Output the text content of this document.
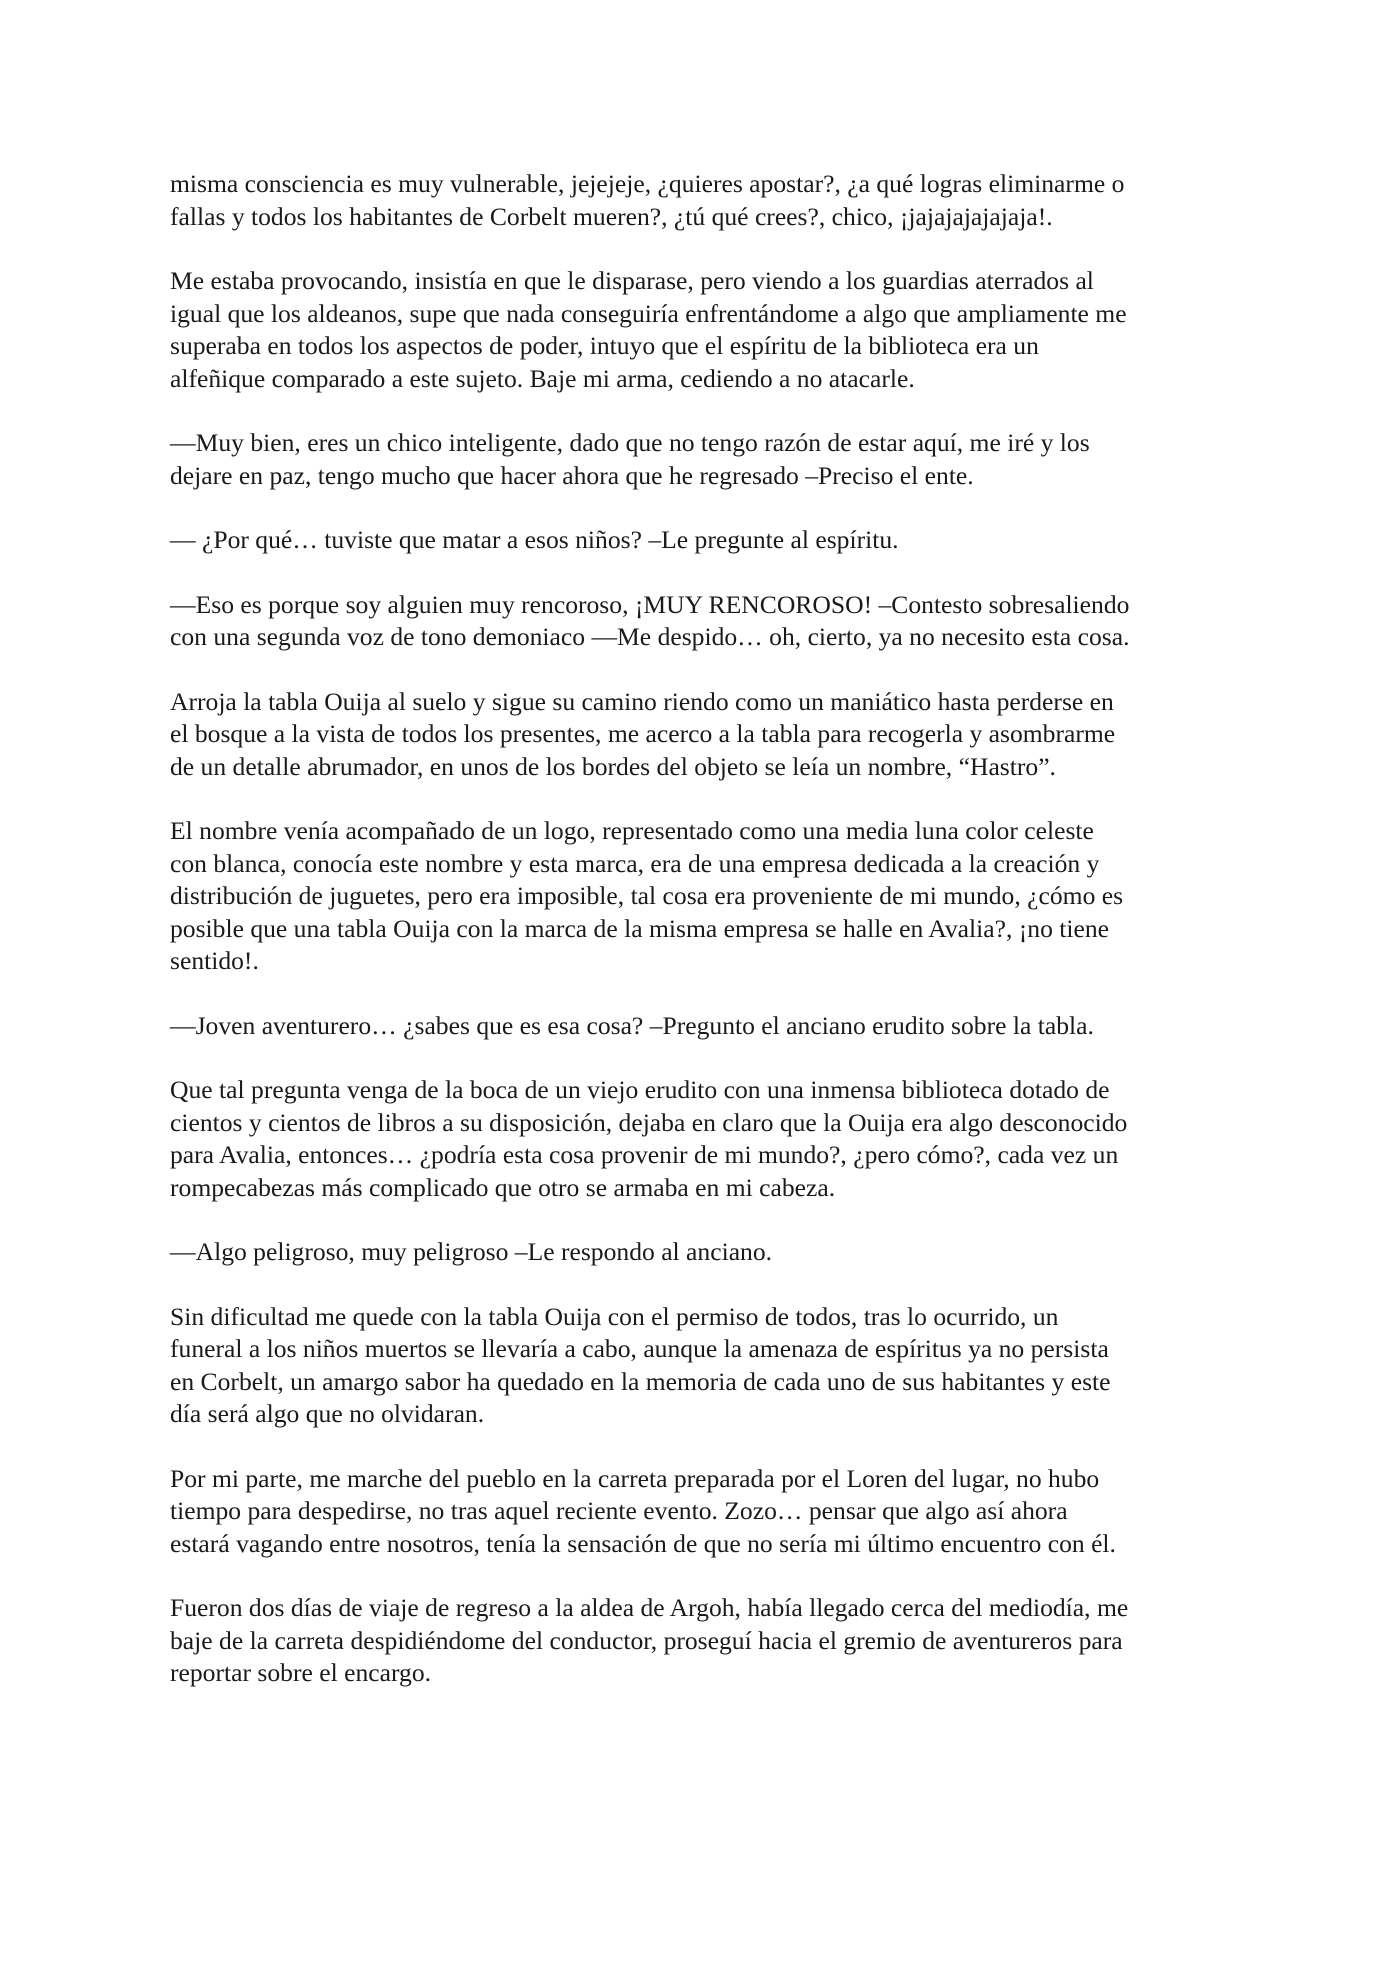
misma consciencia es muy vulnerable, jejejeje, ¿quieres apostar?, ¿a qué logras eliminarme o
fallas y todos los habitantes de Corbelt mueren?, ¿tú qué crees?, chico, ¡jajajajajajaja!.

Me estaba provocando, insistía en que le disparase, pero viendo a los guardias aterrados al
igual que los aldeanos, supe que nada conseguiría enfrentándome a algo que ampliamente me
superaba en todos los aspectos de poder, intuyo que el espíritu de la biblioteca era un
alfeñique comparado a este sujeto. Baje mi arma, cediendo a no atacarle.

—Muy bien, eres un chico inteligente, dado que no tengo razón de estar aquí, me iré y los
dejare en paz, tengo mucho que hacer ahora que he regresado –Preciso el ente.

— ¿Por qué… tuviste que matar a esos niños? –Le pregunte al espíritu.

—Eso es porque soy alguien muy rencoroso, ¡MUY RENCOROSO! –Contesto sobresaliendo
con una segunda voz de tono demoniaco —Me despido… oh, cierto, ya no necesito esta cosa.

Arroja la tabla Ouija al suelo y sigue su camino riendo como un maniático hasta perderse en
el bosque a la vista de todos los presentes, me acerco a la tabla para recogerla y asombrarme
de un detalle abrumador, en unos de los bordes del objeto se leía un nombre, “Hastro”.

El nombre venía acompañado de un logo, representado como una media luna color celeste
con blanca, conocía este nombre y esta marca, era de una empresa dedicada a la creación y
distribución de juguetes, pero era imposible, tal cosa era proveniente de mi mundo, ¿cómo es
posible que una tabla Ouija con la marca de la misma empresa se halle en Avalia?, ¡no tiene
sentido!.

—Joven aventurero… ¿sabes que es esa cosa? –Pregunto el anciano erudito sobre la tabla.

Que tal pregunta venga de la boca de un viejo erudito con una inmensa biblioteca dotado de
cientos y cientos de libros a su disposición, dejaba en claro que la Ouija era algo desconocido
para Avalia, entonces… ¿podría esta cosa provenir de mi mundo?, ¿pero cómo?, cada vez un
rompecabezas más complicado que otro se armaba en mi cabeza.

—Algo peligroso, muy peligroso –Le respondo al anciano.

Sin dificultad me quede con la tabla Ouija con el permiso de todos, tras lo ocurrido, un
funeral a los niños muertos se llevaría a cabo, aunque la amenaza de espíritus ya no persista
en Corbelt, un amargo sabor ha quedado en la memoria de cada uno de sus habitantes y este
día será algo que no olvidaran.

Por mi parte, me marche del pueblo en la carreta preparada por el Loren del lugar, no hubo
tiempo para despedirse, no tras aquel reciente evento. Zozo… pensar que algo así ahora
estará vagando entre nosotros, tenía la sensación de que no sería mi último encuentro con él.

Fueron dos días de viaje de regreso a la aldea de Argoh, había llegado cerca del mediodía, me
baje de la carreta despidiéndome del conductor, proseguí hacia el gremio de aventureros para
reportar sobre el encargo.
